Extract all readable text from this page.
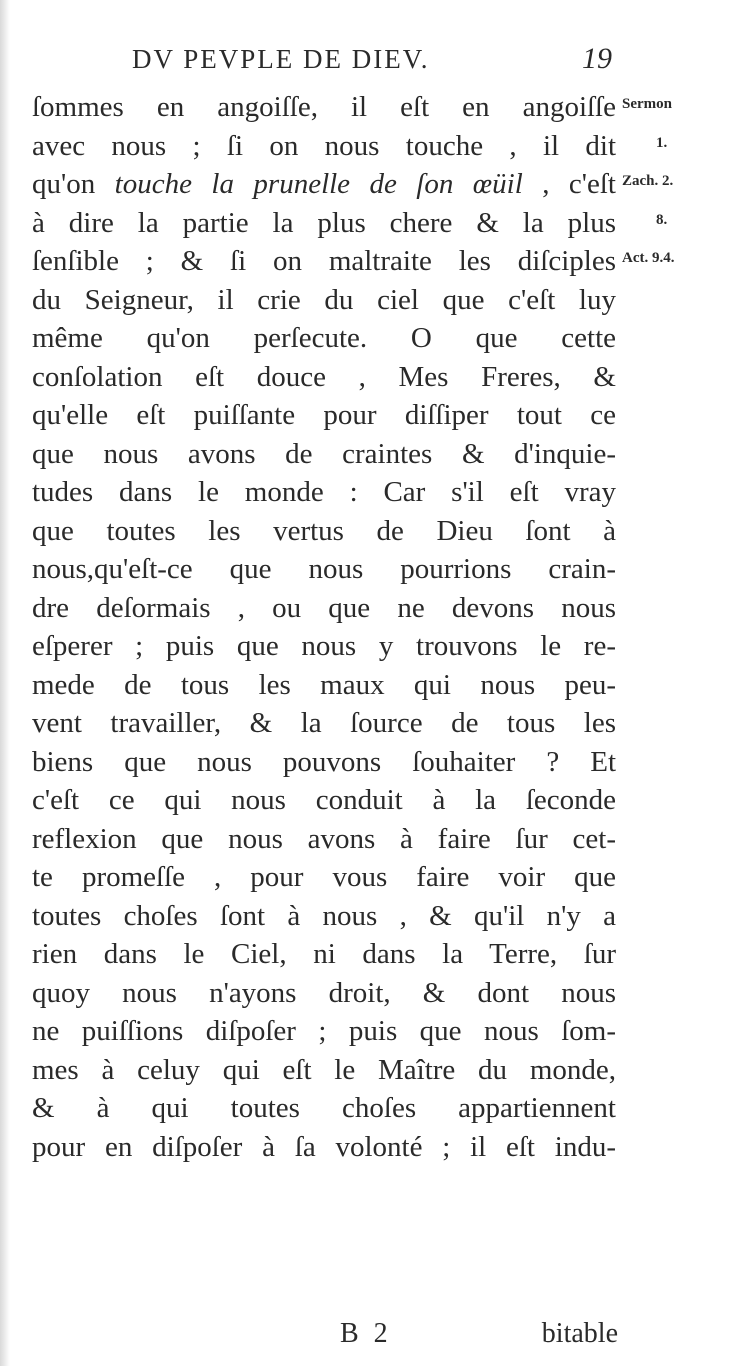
DV PEVPLE DE DIEV.	19
ſommes en angoiſſe, il eſt en angoiſſe
avec nous ; ſi on nous touche , il dit
qu'on touche la prunelle de ſon œüil , c'eſt
à dire la partie la plus chere & la plus
ſenſible ; & ſi on maltraite les diſciples
du Seigneur, il crie du ciel que c'eſt luy
même qu'on perſecute. O que cette
conſolation eſt douce , Mes Freres, &
qu'elle eſt puiſſante pour diſſiper tout ce
que nous avons de craintes & d'inquie-
tudes dans le monde : Car s'il eſt vray
que toutes les vertus de Dieu ſont à
nous,qu'eſt-ce que nous pourrions crain-
dre deſormais , ou que ne devons nous
eſperer ; puis que nous y trouvons le re-
mede de tous les maux qui nous peu-
vent travailler, & la ſource de tous les
biens que nous pouvons ſouhaiter ? Et
c'eſt ce qui nous conduit à la ſeconde
reflexion que nous avons à faire ſur cet-
te promeſſe , pour vous faire voir que
toutes choſes ſont à nous , & qu'il n'y a
rien dans le Ciel, ni dans la Terre, ſur
quoy nous n'ayons droit, & dont nous
ne puiſſions diſpoſer ; puis que nous ſom-
mes à celuy qui eſt le Maître du monde,
& à qui toutes choſes appartiennent
pour en diſpoſer à ſa volonté ; il eſt indu-
Sermon
1.
Zach. 2.
8.
Act. 9.4.
B 2	bitable
